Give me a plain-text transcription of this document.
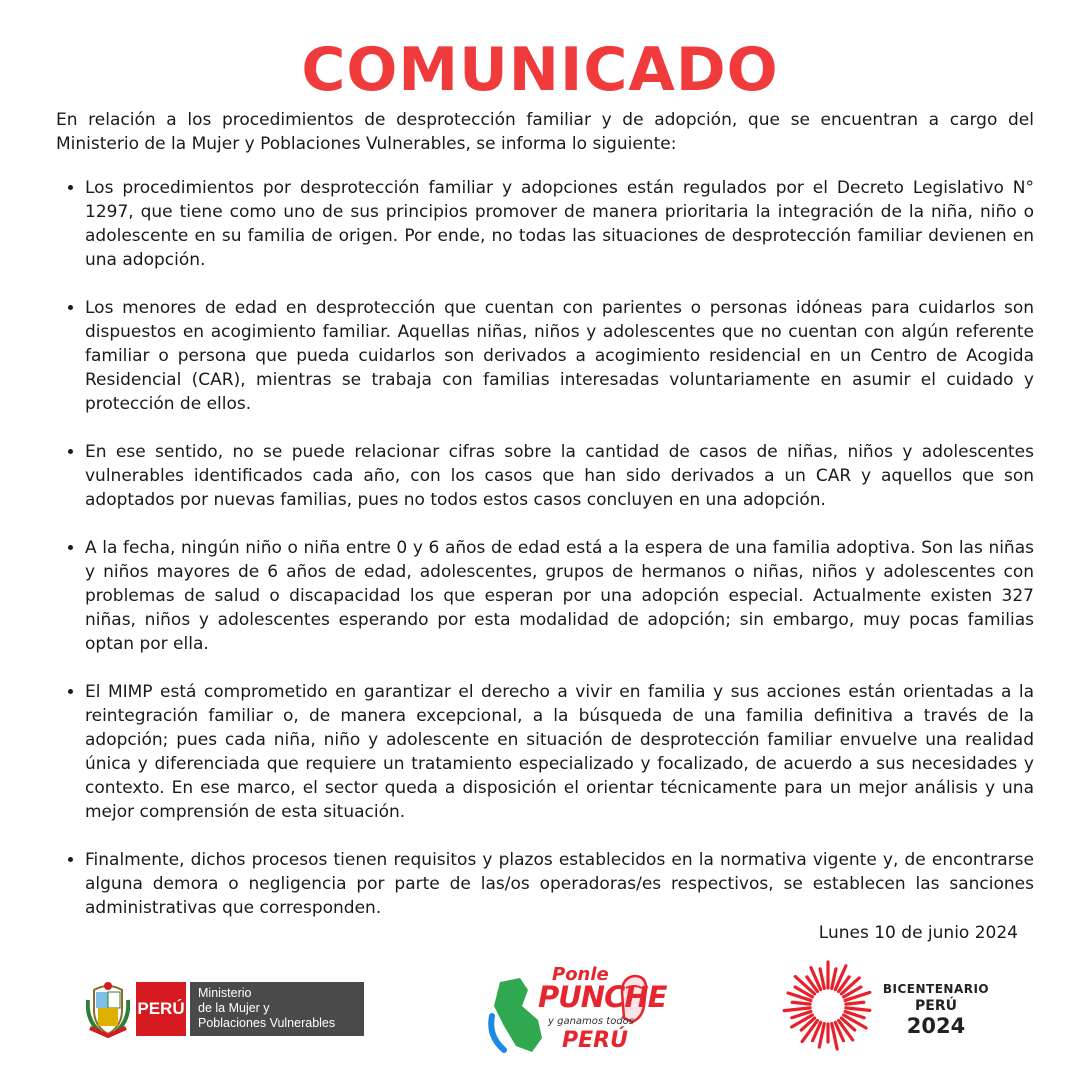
COMUNICADO

En relación a los procedimientos de desprotección familiar y de adopción, que se encuentran a cargo del Ministerio de la Mujer y Poblaciones Vulnerables, se informa lo siguiente:

• Los procedimientos por desprotección familiar y adopciones están regulados por el Decreto Legislativo N° 1297, que tiene como uno de sus principios promover de manera prioritaria la integración de la niña, niño o adolescente en su familia de origen. Por ende, no todas las situaciones de desprotección familiar devienen en una adopción.
• Los menores de edad en desprotección que cuentan con parientes o personas idóneas para cuidarlos son dispuestos en acogimiento familiar. Aquellas niñas, niños y adolescentes que no cuentan con algún referente familiar o persona que pueda cuidarlos son derivados a acogimiento residencial en un Centro de Acogida Residencial (CAR), mientras se trabaja con familias interesadas voluntariamente en asumir el cuidado y protección de ellos.
• En ese sentido, no se puede relacionar cifras sobre la cantidad de casos de niñas, niños y adolescentes vulnerables identificados cada año, con los casos que han sido derivados a un CAR y aquellos que son adoptados por nuevas familias, pues no todos estos casos concluyen en una adopción.
• A la fecha, ningún niño o niña entre 0 y 6 años de edad está a la espera de una familia adoptiva. Son las niñas y niños mayores de 6 años de edad, adolescentes, grupos de hermanos o niñas, niños y adolescentes con problemas de salud o discapacidad los que esperan por una adopción especial. Actualmente existen 327 niñas, niños y adolescentes esperando por esta modalidad de adopción; sin embargo, muy pocas familias optan por ella.
• El MIMP está comprometido en garantizar el derecho a vivir en familia y sus acciones están orientadas a la reintegración familiar o, de manera excepcional, a la búsqueda de una familia definitiva a través de la adopción; pues cada niña, niño y adolescente en situación de desprotección familiar envuelve una realidad única y diferenciada que requiere un tratamiento especializado y focalizado, de acuerdo a sus necesidades y contexto. En ese marco, el sector queda a disposición el orientar técnicamente para un mejor análisis y una mejor comprensión de esta situación.
• Finalmente, dichos procesos tienen requisitos y plazos establecidos en la normativa vigente y, de encontrarse alguna demora o negligencia por parte de las/os operadoras/es respectivos, se establecen las sanciones administrativas que corresponden.
Lunes 10 de junio 2024
PERÚ
Ministerio
de la Mujer y
Poblaciones Vulnerables
Ponle
PUNCHE
y ganamos todos
PERÚ
BICENTENARIO
PERÚ
2024
